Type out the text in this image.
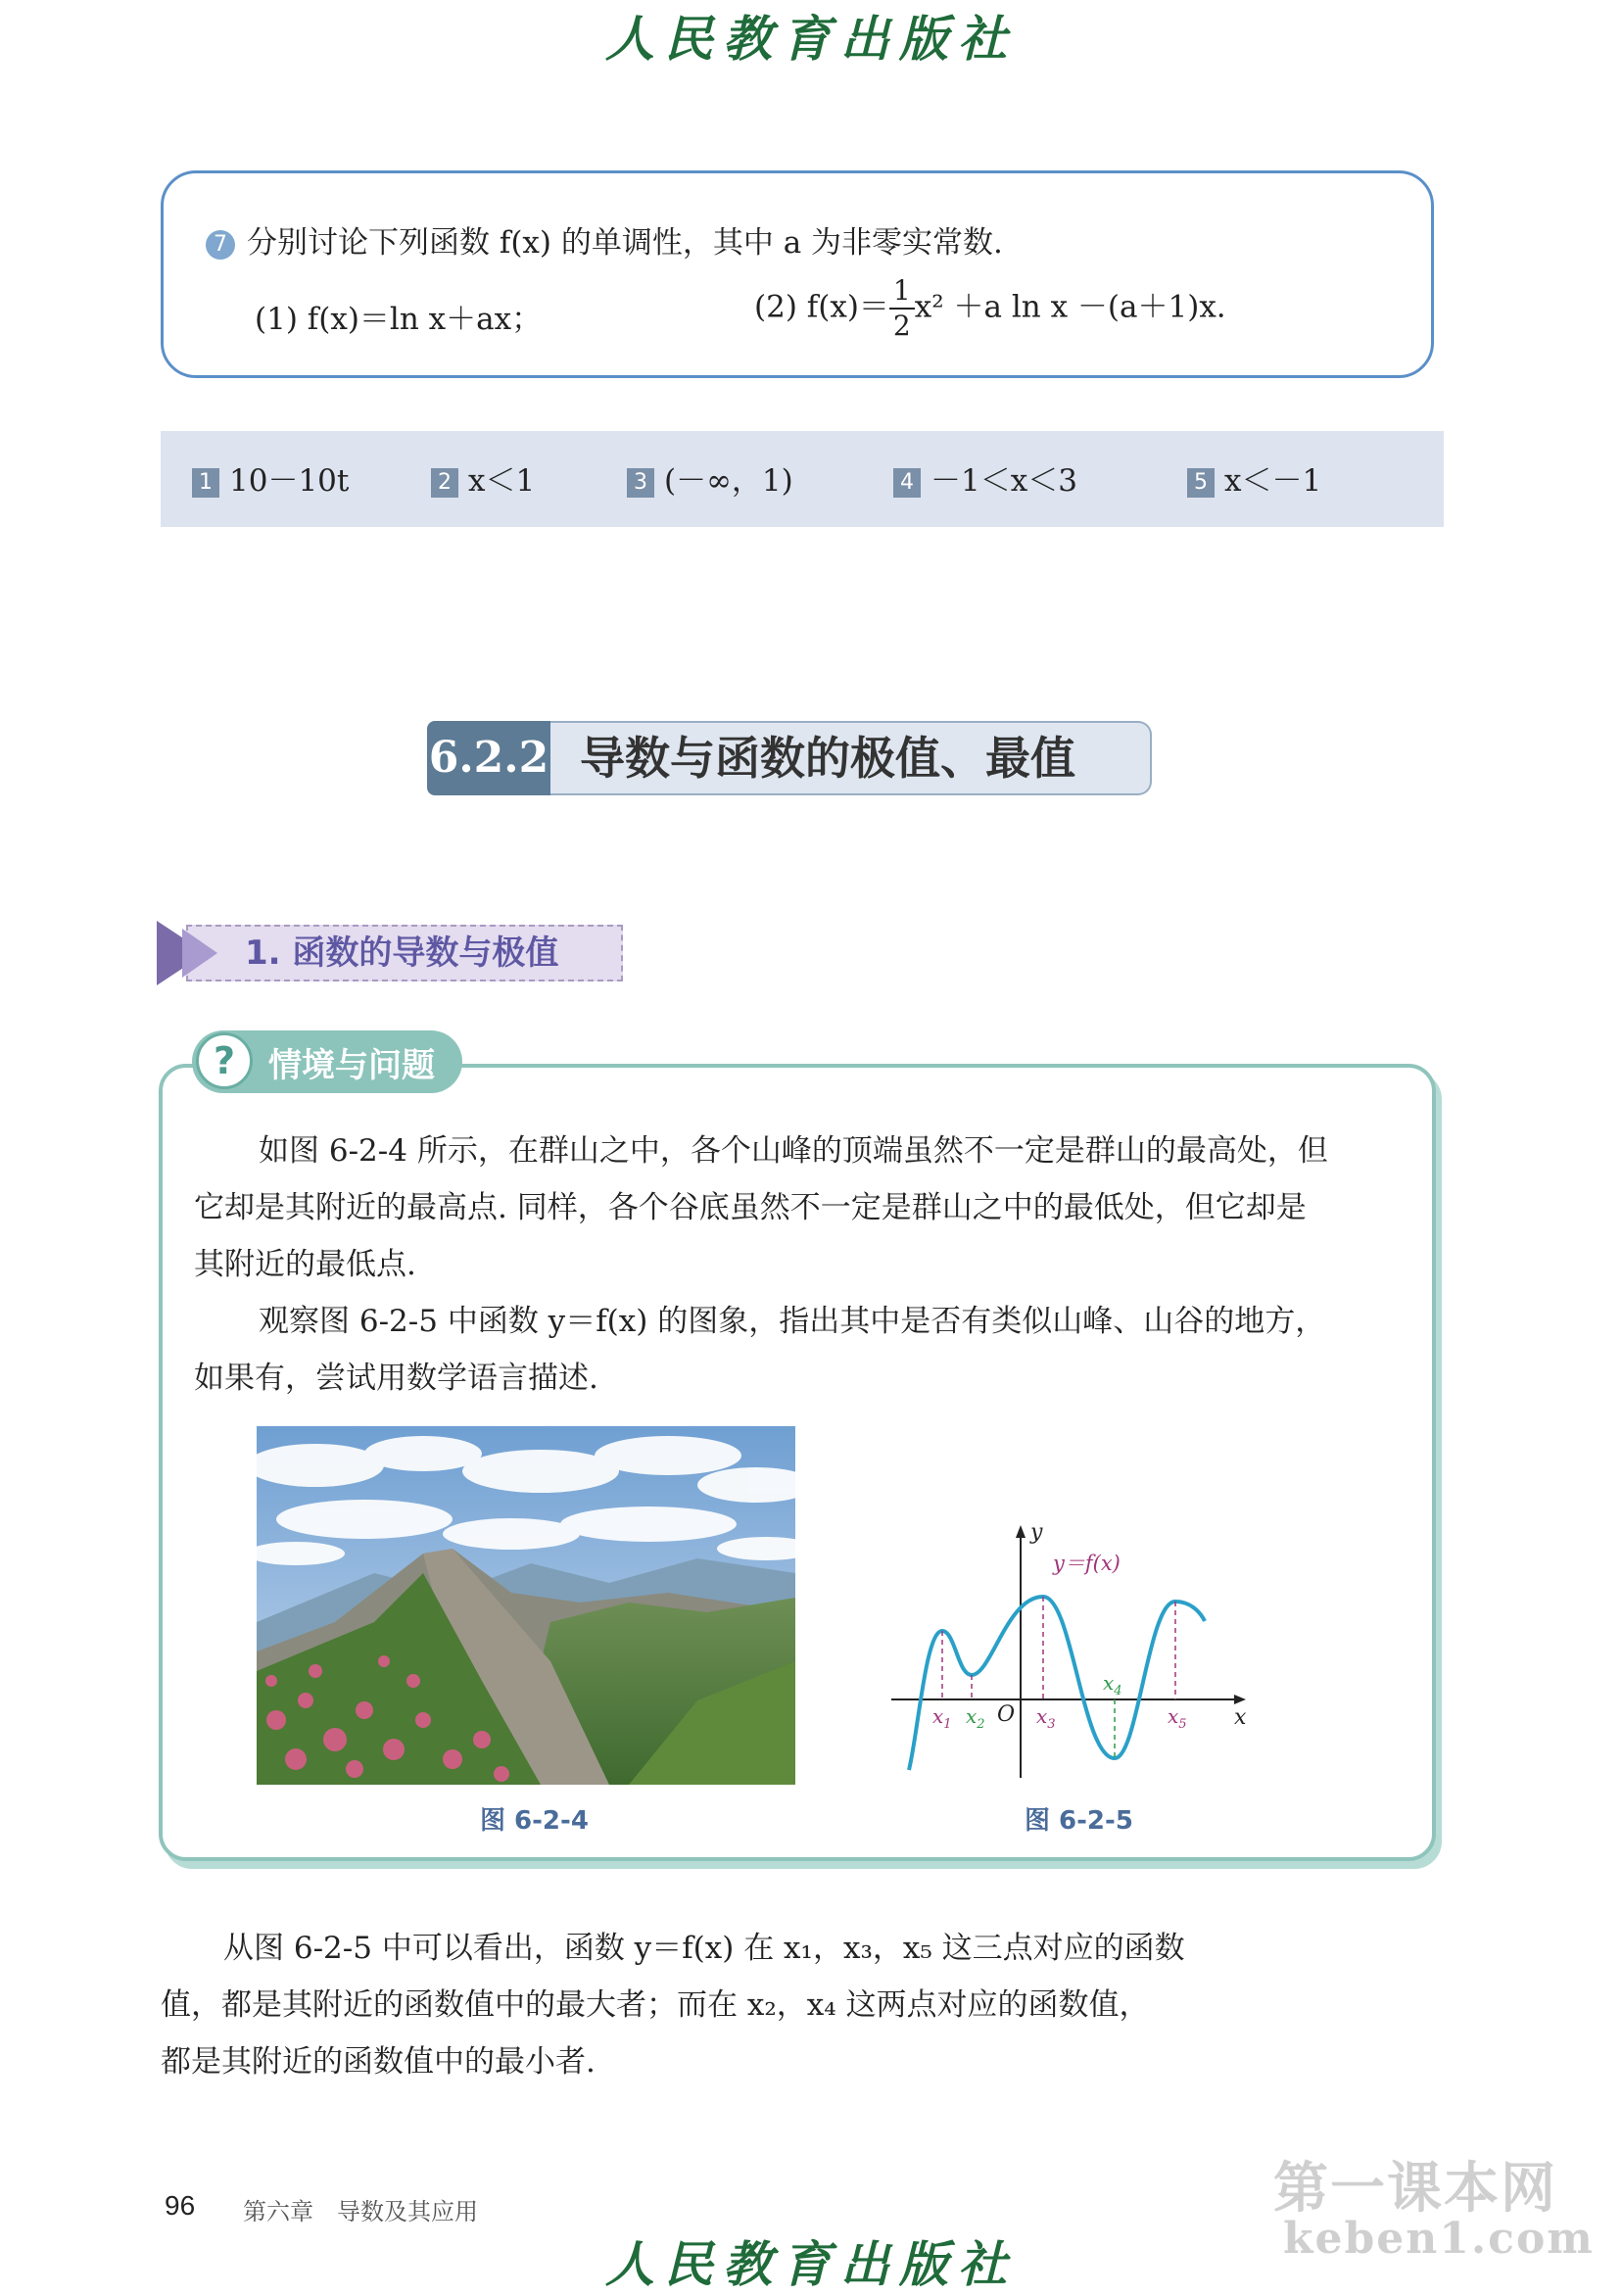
人民教育出版社
7 分别讨论下列函数 f(x) 的单调性，其中 a 为非零实常数.
(1) f(x)＝ln x＋ax；	(2) $f(x)= \frac{1}{2} x^2 +a$ ln x －(a＋1)x.
1 10－10t	2 x＜1	3 (－∞，1)	4 －1＜x＜3	5 x＜－1
6.2.2 导数与函数的极值、最值
1. 函数的导数与极值
? 情境与问题
如图 6-2-4 所示，在群山之中，各个山峰的顶端虽然不一定是群山的最高处，但
它却是其附近的最高点. 同样，各个谷底虽然不一定是群山之中的最低处，但它却是
其附近的最低点.
观察图 6-2-5 中函数 y＝f(x) 的图象，指出其中是否有类似山峰、山谷的地方，
如果有，尝试用数学语言描述.
图 6-2-4
y
x
O
y＝f(x)
$x_1$ $x_2$	$x_3$
$x_4$
$x_5$
图 6-2-5
从图 6-2-5 中可以看出，函数 y＝f(x) 在 x₁，x₃，x₅ 这三点对应的函数
值，都是其附近的函数值中的最大者；而在 x₂，x₄ 这两点对应的函数值，
都是其附近的函数值中的最小者.
96 第六章　导数及其应用	第一课本网
keben1.com
人民教育出版社
